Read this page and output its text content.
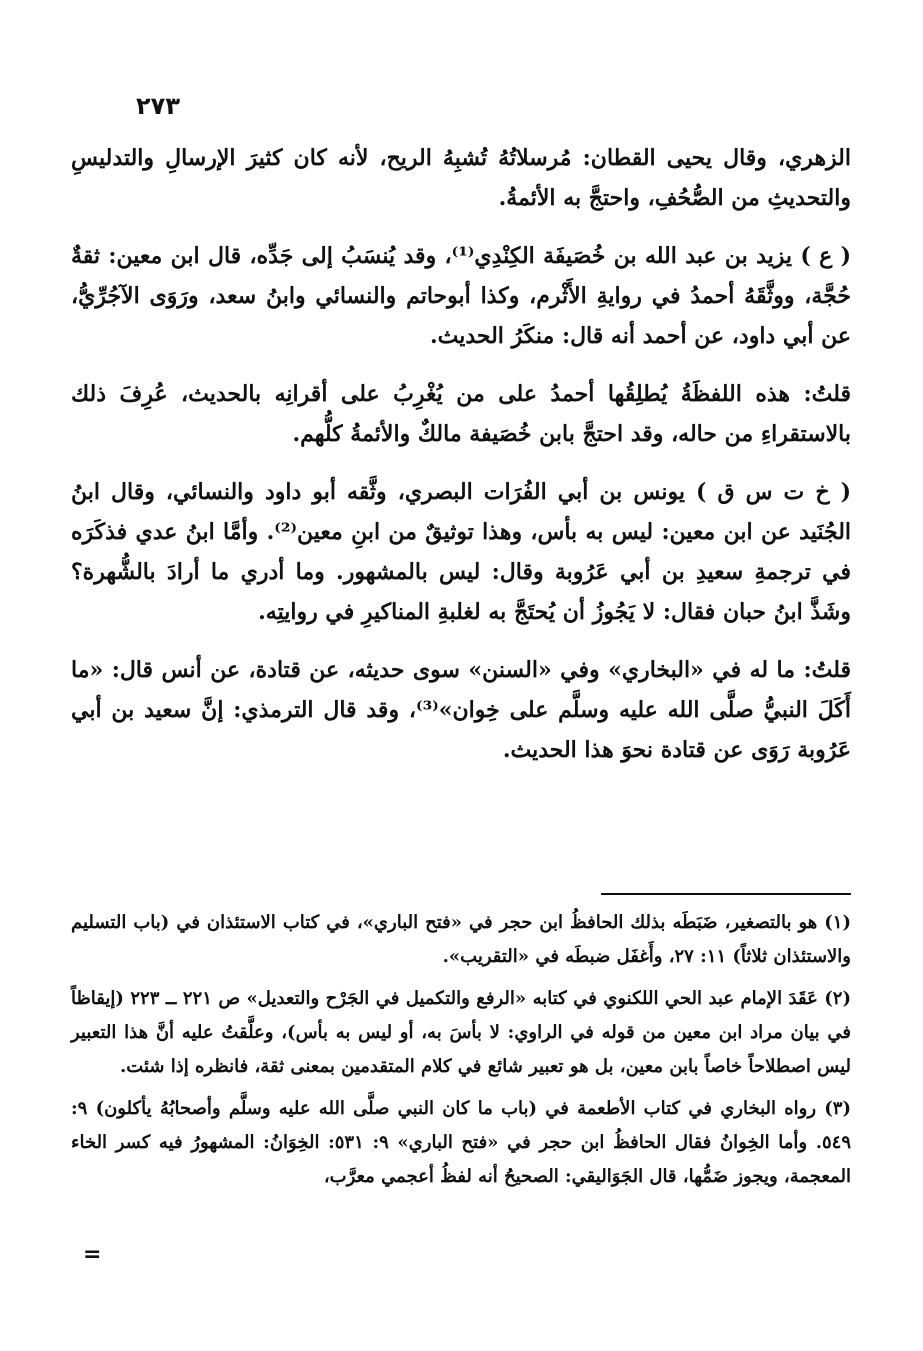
٢٧٣

الزهري، وقال يحيى القطان: مُرسلاتُهُ تُشبِهُ الريح، لأنه كان كثيرَ الإرسالِ والتدليسِ والتحديثِ من الصُّحُفِ، واحتجَّ به الأئمةُ.

( ع ) يزيد بن عبد الله بن خُصَيفَة الكِنْدِي⁽¹⁾، وقد يُنسَبُ إلى جَدِّه، قال ابن معين: ثقةٌ حُجَّة، ووثَّقَهُ أحمدُ في روايةِ الأَثْرم، وكذا أبوحاتم والنسائي وابنُ سعد، ورَوَى الآجُرِّيُّ، عن أبي داود، عن أحمد أنه قال: منكَرُ الحديث.

قلتُ: هذه اللفظَةُ يُطلِقُها أحمدُ على من يُغْرِبُ على أقرانِه بالحديث، عُرِفَ ذلك بالاستقراءِ من حاله، وقد احتجَّ بابن خُصَيفة مالكٌ والأئمةُ كلُّهم.

( خ ت س ق ) يونس بن أبي الفُرَات البصري، وثَّقه أبو داود والنسائي، وقال ابنُ الجُنَيد عن ابن معين: ليس به بأس، وهذا توثيقٌ من ابنِ معين⁽²⁾. وأمَّا ابنُ عدي فذكَرَه في ترجمةِ سعيدِ بن أبي عَرُوبة وقال: ليس بالمشهور. وما أدري ما أرادَ بالشُّهرة؟ وشَذَّ ابنُ حبان فقال: لا يَجُوزُ أن يُحتَجَّ به لغلبةِ المناكيرِ في روايتِه.

قلتُ: ما له في «البخاري» وفي «السنن» سوى حديثه، عن قتادة، عن أنس قال: «ما أَكَلَ النبيُّ صلَّى الله عليه وسلَّم على خِوان»⁽³⁾، وقد قال الترمذي: إنَّ سعيد بن أبي عَرُوبة رَوَى عن قتادة نحوَ هذا الحديث.

(١) هو بالتصغير، ضَبَطَه بذلك الحافظُ ابن حجر في «فتح الباري»، في كتاب الاستئذان في (باب التسليم والاستئذان ثلاثاً) ١١: ٢٧، وأَغفَل ضبطَه في «التقريب».

(٢) عَقَدَ الإمام عبد الحي اللكنوي في كتابه «الرفع والتكميل في الجَرْح والتعديل» ص ٢٢١ ــ ٢٢٣ (إيقاظاً في بيان مراد ابن معين من قوله في الراوي: لا بأسَ به، أو ليس به بأس)، وعلَّقتُ عليه أنَّ هذا التعبير ليس اصطلاحاً خاصاً بابن معين، بل هو تعبير شائع في كلام المتقدمين بمعنى ثقة، فانظره إذا شئت.

(٣) رواه البخاري في كتاب الأطعمة في (باب ما كان النبي صلَّى الله عليه وسلَّم وأصحابُهُ يأكلون) ٩: ٥٤٩. وأما الخِوانُ فقال الحافظُ ابن حجر في «فتح الباري» ٩: ٥٣١: الخِوَانُ: المشهورُ فيه كسر الخاء المعجمة، ويجوز ضَمُّها، قال الجَوَاليقي: الصحيحُ أنه لفظُ أعجمي معرَّب،

=
